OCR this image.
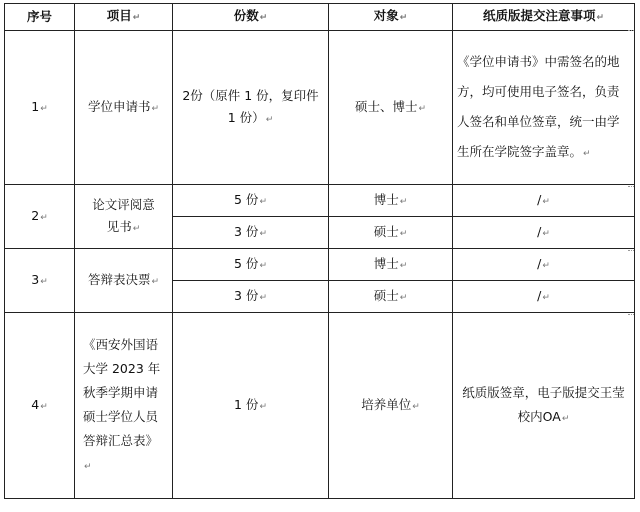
序号	项目↵	份数↵	对象↵	纸质版提交注意事项↵
1↵	学位申请书↵	2份（原件 1 份，复印件 1 份）↵	硕士、博士↵	《学位申请书》中需签名的地方，均可使用电子签名，负责人签名和单位签章，统一由学生所在学院签字盖章。↵
2↵	论文评阅意见书↵	5 份↵	博士↵	/↵
		3 份↵	硕士↵	/↵
3↵	答辩表决票↵	5 份↵	博士↵	/↵
		3 份↵	硕士↵	/↵
4↵	《西安外国语大学 2023 年秋季学期申请硕士学位人员答辩汇总表》↵	1 份↵	培养单位↵	纸质版签章，电子版提交王莹校内OA↵
